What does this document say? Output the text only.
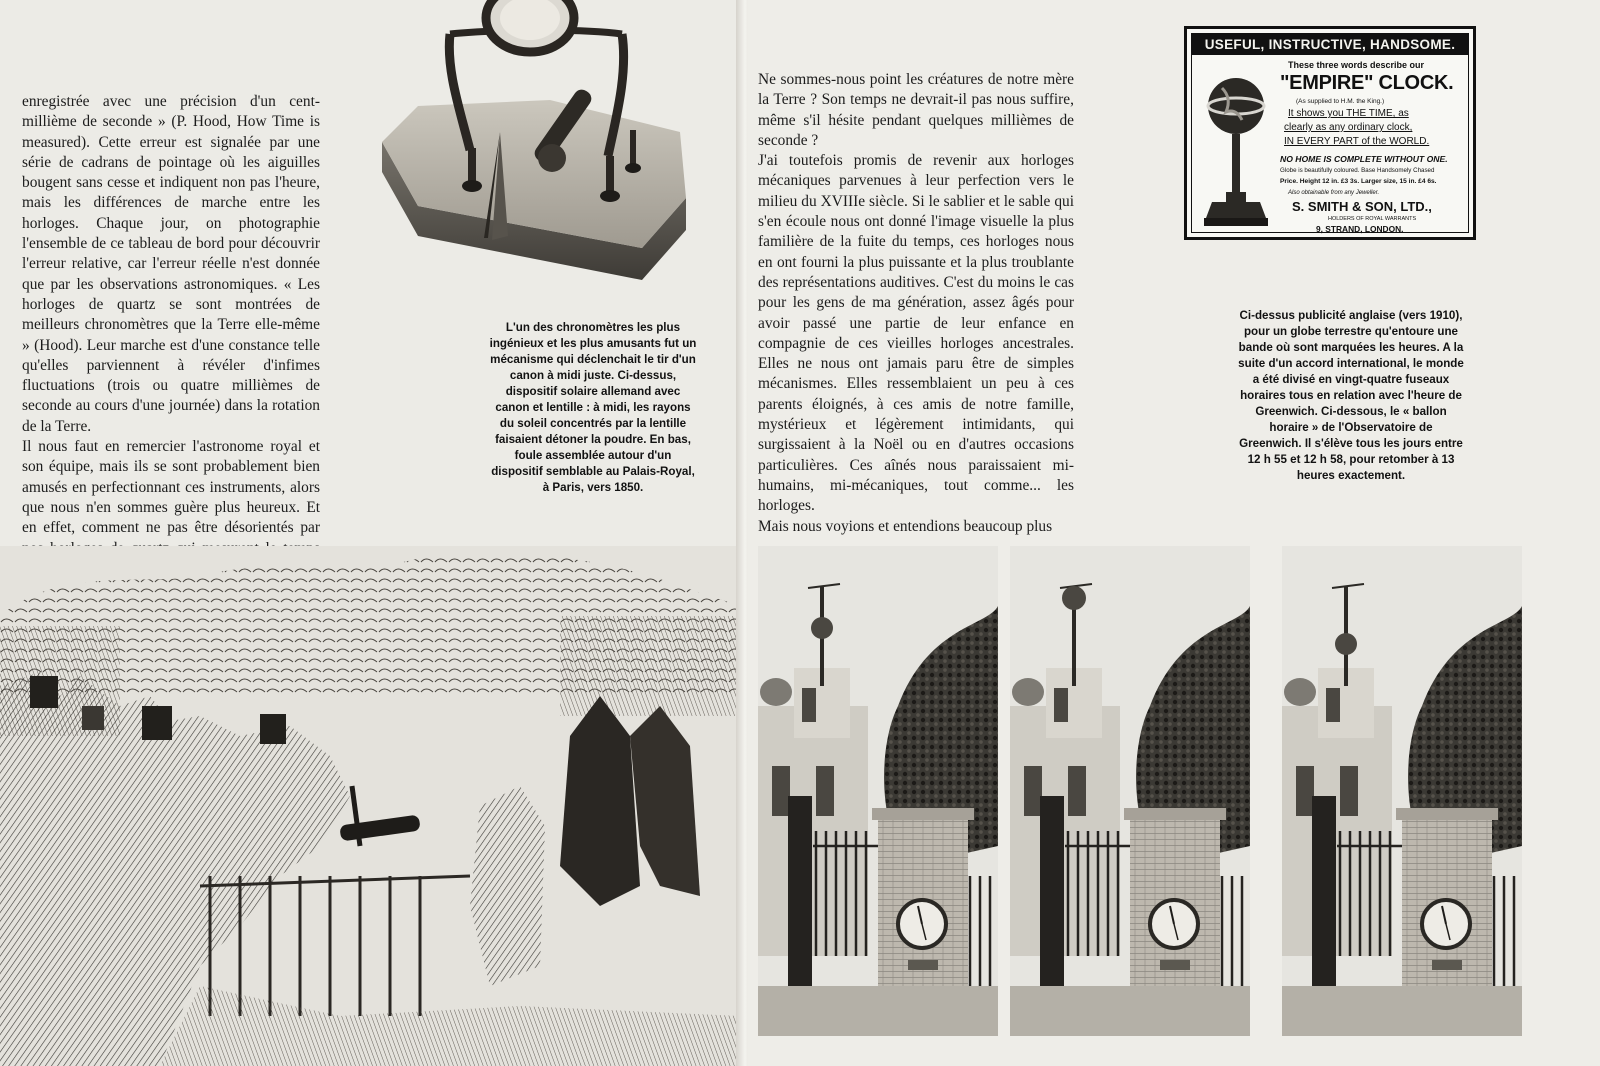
enregistrée avec une précision d'un cent-millième de seconde » (P. Hood, How Time is measured). Cette erreur est signalée par une série de cadrans de pointage où les aiguilles bougent sans cesse et indiquent non pas l'heure, mais les différences de marche entre les horloges. Chaque jour, on photographie l'ensemble de ce tableau de bord pour découvrir l'erreur relative, car l'erreur réelle n'est donnée que par les observations astronomiques. « Les horloges de quartz se sont montrées de meilleurs chronomètres que la Terre elle-même » (Hood). Leur marche est d'une constance telle qu'elles parviennent à révéler d'infimes fluctuations (trois ou quatre millièmes de seconde au cours d'une journée) dans la rotation de la Terre.

Il nous faut en remercier l'astronome royal et son équipe, mais ils se sont probablement bien amusés en perfectionnant ces instruments, alors que nous n'en sommes guère plus heureux. Et en effet, comment ne pas être désorientés par

L'un des chronomètres les plus ingénieux et les plus amusants fut un mécanisme qui déclenchait le tir d'un canon à midi juste. Ci-dessus, dispositif solaire allemand avec canon et lentille : à midi, les rayons du soleil concentrés par la lentille faisaient détoner la poudre. En bas, foule assemblée autour d'un dispositif semblable au Palais-Royal, à Paris, vers 1850.

Ne sommes-nous point les créatures de notre mère la Terre ? Son temps ne devrait-il pas nous suffire, même s'il hésite pendant quelques millièmes de seconde ?

J'ai toutefois promis de revenir aux horloges mécaniques parvenues à leur perfection vers le milieu du XVIIIe siècle. Si le sablier et le sable qui s'en écoule nous ont donné l'image visuelle la plus familière de la fuite du temps, ces horloges nous en ont fourni la plus puissante et la plus troublante des représentations auditives. C'est du moins le cas pour les gens de ma génération, assez âgés pour avoir passé une partie de leur enfance en compagnie de ces vieilles horloges ancestrales. Elles ne nous ont jamais paru être de simples mécanismes. Elles ressemblaient un peu à ces parents éloignés, à ces amis de notre famille, mystérieux et légèrement intimidants, qui surgissaient à la Noël ou en d'autres occasions particulières. Ces aînés nous paraissaient mi-humains, mi-mécaniques, tout comme... les horloges.

Mais nous voyions et entendions beaucoup plus

Ci-dessus publicité anglaise (vers 1910), pour un globe terrestre qu'entoure une bande où sont marquées les heures. A la suite d'un accord international, le monde a été divisé en vingt-quatre fuseaux horaires tous en relation avec l'heure de Greenwich. Ci-dessous, le « ballon horaire » de l'Observatoire de Greenwich. Il s'élève tous les jours entre 12 h 55 et 12 h 58, pour retomber à 13 heures exactement.
USEFUL, INSTRUCTIVE, HANDSOME.
These three words describe our
"EMPIRE" CLOCK.
(As supplied to H.M. the King.)
It shows you THE TIME, as
clearly as any ordinary clock,
IN EVERY PART of the WORLD.
NO HOME IS COMPLETE WITHOUT ONE.
Globe is beautifully coloured. Base Handsomely Chased
Price. Height 12 in. £3 3s. Larger size, 15 in. £4 6s.
Also obtainable from any Jeweller.
S. SMITH & SON, LTD.,
HOLDERS OF ROYAL WARRANTS
9, STRAND, LONDON.
